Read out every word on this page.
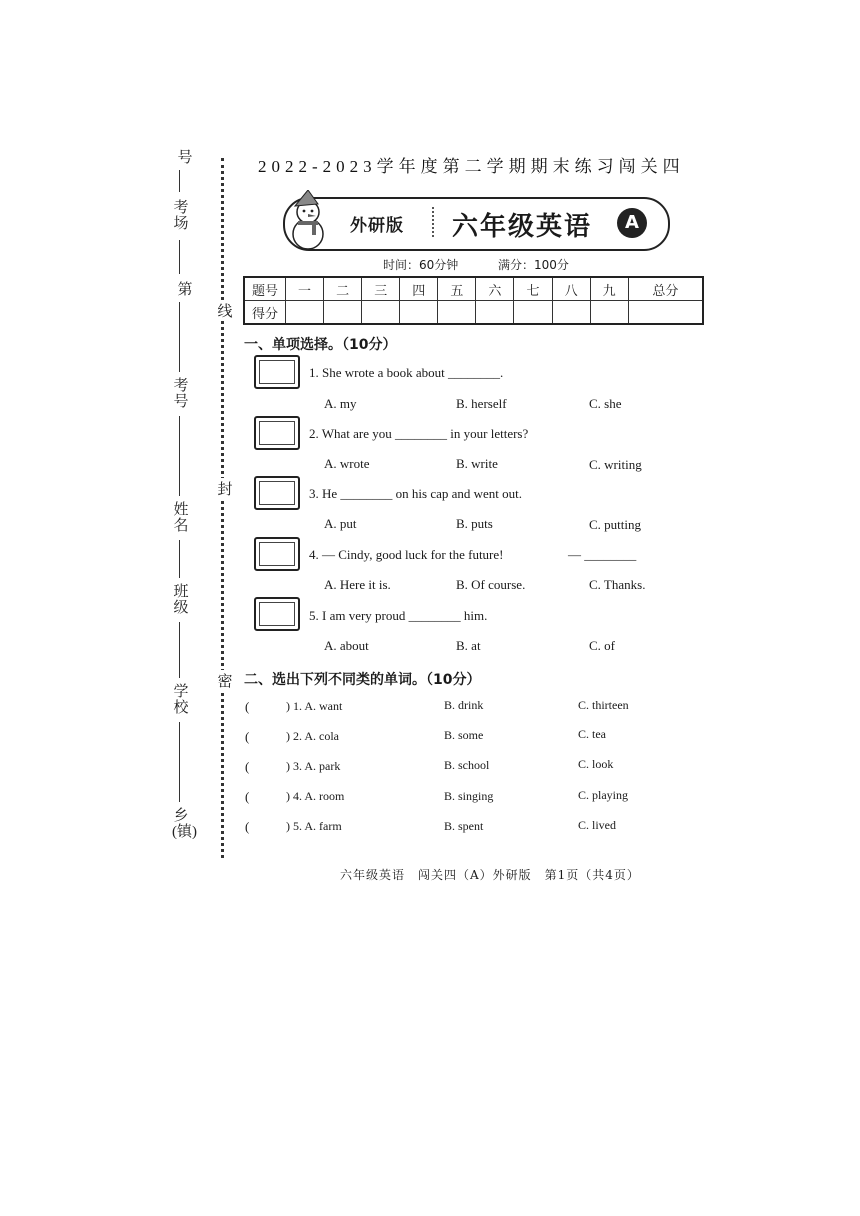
号
考场
第
考号
姓名
班级
学校
乡(镇)
线
封
密
2022-2023学年度第二学期期末练习闯关四
外研版 六年级英语	A
时间：60分钟	满分：100分
题号	一	二	三	四	五	六	七	八	九	总分
得分										
一、单项选择。（10分）
1. She wrote a book about ________.
A. my	B. herself	C. she
2. What are you ________ in your letters?
A. wrote	B. write	C. writing
3. He ________ on his cap and went out.
A. put	B. puts	C. putting
4. — Cindy, good luck for the future!	— ________
A. Here it is.	B. Of course.	C. Thanks.
5. I am very proud ________ him.
A. about	B. at	C. of
二、选出下列不同类的单词。（10分）
(	) 1. A. want	B. drink	C. thirteen
(	) 2. A. cola	B. some	C. tea
(	) 3. A. park	B. school	C. look
(	) 4. A. room	B. singing	C. playing
(	) 5. A. farm	B. spent	C. lived
六年级英语　闯关四（A）外研版　第1页（共4页）
